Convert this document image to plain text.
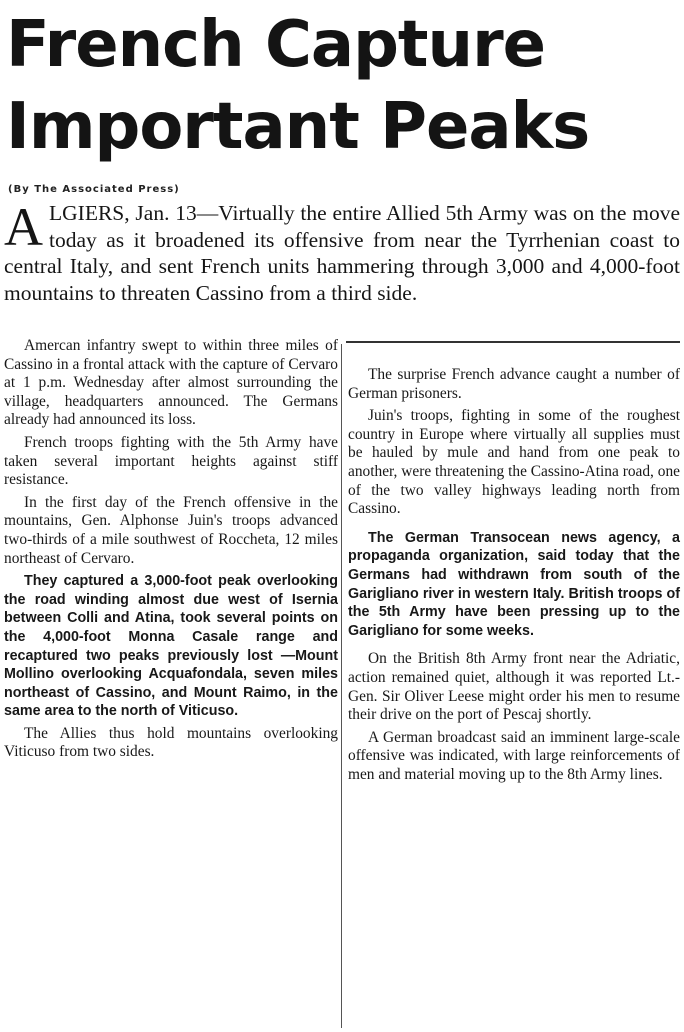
French Capture
Important Peaks
(By The Associated Press)

ALGIERS, Jan. 13—Virtually the entire Allied 5th Army was on the move today as it broadened its offensive from near the Tyrrhenian coast to central Italy, and sent French units hammering through 3,000 and 4,000-foot mountains to threaten Cassino from a third side.

Amercan infantry swept to within three miles of Cassino in a frontal attack with the capture of Cervaro at 1 p.m. Wednesday after almost surrounding the village, headquarters announced. The Germans already had announced its loss.

French troops fighting with the 5th Army have taken several important heights against stiff resistance.

In the first day of the French offensive in the mountains, Gen. Alphonse Juin's troops advanced two-thirds of a mile southwest of Roccheta, 12 miles northeast of Cervaro.

They captured a 3,000-foot peak overlooking the road winding almost due west of Isernia between Colli and Atina, took several points on the 4,000-foot Monna Casale range and recaptured two peaks previously lost —Mount Mollino overlooking Acquafondala, seven miles northeast of Cassino, and Mount Raimo, in the same area to the north of Viticuso.

The Allies thus hold mountains overlooking Viticuso from two sides.

The surprise French advance caught a number of German prisoners.

Juin's troops, fighting in some of the roughest country in Europe where virtually all supplies must be hauled by mule and hand from one peak to another, were threatening the Cassino-Atina road, one of the two valley highways leading north from Cassino.

The German Transocean news agency, a propaganda organization, said today that the Germans had withdrawn from south of the Garigliano river in western Italy. British troops of the 5th Army have been pressing up to the Garigliano for some weeks.

On the British 8th Army front near the Adriatic, action remained quiet, although it was reported Lt.-Gen. Sir Oliver Leese might order his men to resume their drive on the port of Pescaj shortly.

A German broadcast said an imminent large-scale offensive was indicated, with large reinforcements of men and material moving up to the 8th Army lines.
